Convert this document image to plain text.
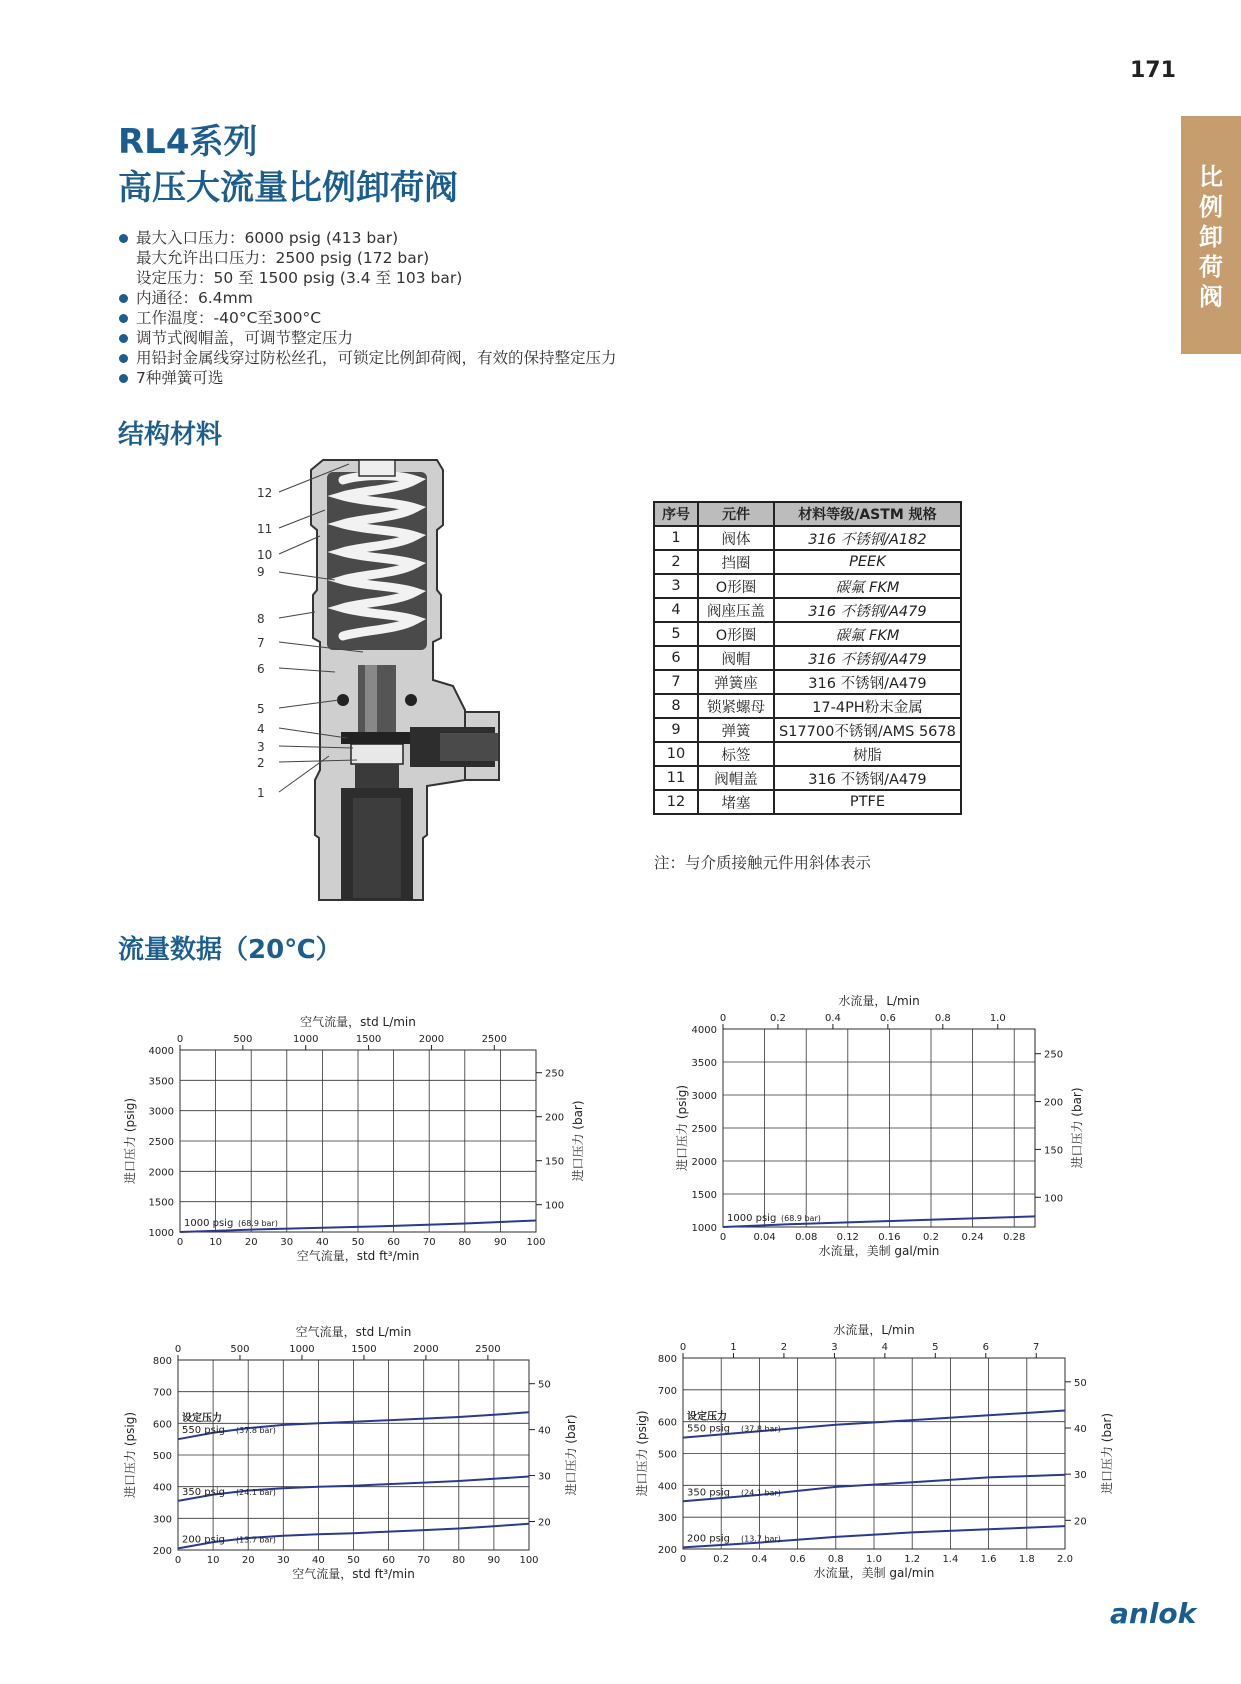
171
比
例
卸
荷
阀
RL4系列
高压大流量比例卸荷阀
最大入口压力：6000 psig (413 bar)
最大允许出口压力：2500 psig (172 bar)
设定压力：50 至 1500 psig (3.4 至 103 bar)
内通径：6.4mm
工作温度：-40°C至300°C
调节式阀帽盖，可调节整定压力
用铅封金属线穿过防松丝孔，可锁定比例卸荷阀，有效的保持整定压力
7种弹簧可选
结构材料
12
11
10
9
8
7
6
5
4
3
2
1
序号	元件	材料等级/ASTM 规格
1	阀体	316 不锈钢/A182
2	挡圈	PEEK
3	O形圈	碳氟 FKM
4	阀座压盖	316 不锈钢/A479
5	O形圈	碳氟 FKM
6	阀帽	316 不锈钢/A479
7	弹簧座	316 不锈钢/A479
8	锁紧螺母	17-4PH粉末金属
9	弹簧	S17700不锈钢/AMS 5678
10	标签	树脂
11	阀帽盖	316 不锈钢/A479
12	堵塞	PTFE
注：与介质接触元件用斜体表示
流量数据（20℃）
0	10 20 30 40 50 60 70 80 90 100
1000
1500
2000
2500
3000
3500
4000
0	500	1000	1500	2000	2500
100
150
200
250
空气流量，std L/min
空气流量，std ft³/min
进口压力 (psig)	进口压力 (bar)
1000 psig (68.9 bar)
0	0.04 0.08 0.12 0.16 0.2 0.24 0.28
1000
1500
2000
2500
3000
3500
4000
0	0.2	0.4	0.6	0.8	1.0
100
150
200
250
水流量，L/min
水流量，美制 gal/min
进口压力 (psig)	进口压力 (bar)
1000 psig (68.9 bar)
0	10 20 30 40 50 60 70 80 90 100
200
300
400
500
600
700
800
0	500	1000	1500	2000	2500
20
30
40
50
空气流量，std L/min
空气流量，std ft³/min
进口压力 (psig)	进口压力 (bar)
550 psig (37.8 bar)
350 psig (24.1 bar)
200 psig (13.7 bar)
设定压力
0	0.2 0.4 0.6 0.8 1.0 1.2 1.4 1.6 1.8 2.0
200
300
400
500
600
700
800
0	1	2	3	4	5	6	7
20
30
40
50
水流量，L/min
水流量，美制 gal/min
进口压力 (psig)	进口压力 (bar)
550 psig (37.8 bar)
350 psig (24.1 bar)
200 psig (13.7 bar)
设定压力
anlok
